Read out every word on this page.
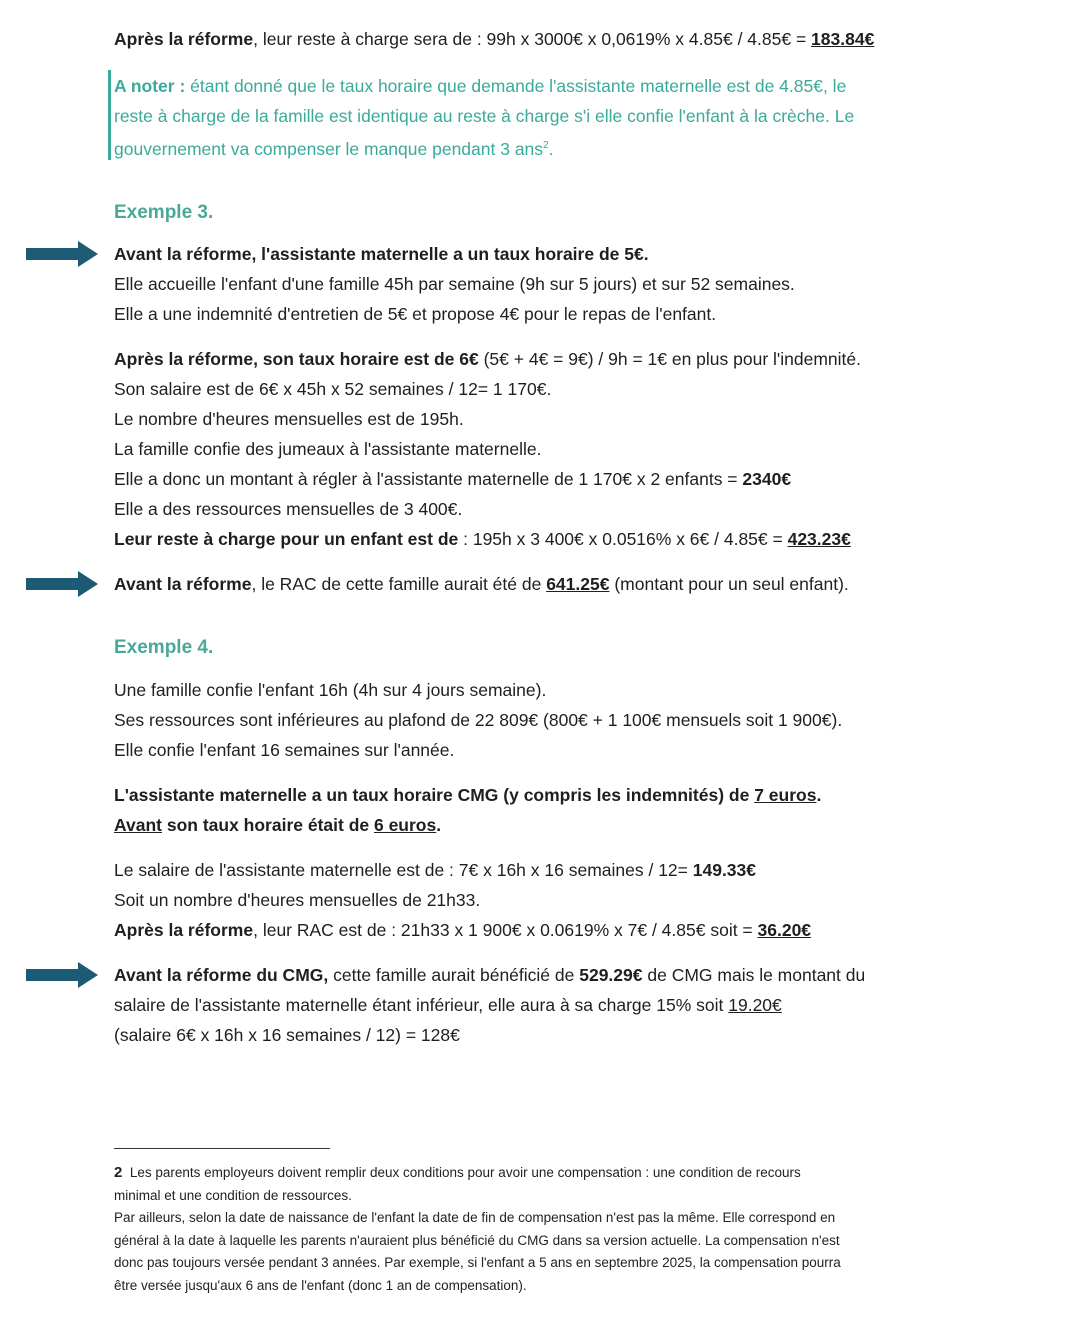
Après la réforme, leur reste à charge sera de : 99h x 3000€ x 0,0619% x 4.85€ / 4.85€ = 183.84€
A noter : étant donné que le taux horaire que demande l'assistante maternelle est de 4.85€, le
reste à charge de la famille est identique au reste à charge s'i elle confie l'enfant à la crèche. Le
gouvernement va compenser le manque pendant 3 ans$^2$.
Exemple 3.
Avant la réforme, l'assistante maternelle a un taux horaire de 5€.
Elle accueille l'enfant d'une famille 45h par semaine (9h sur 5 jours) et sur 52 semaines.
Elle a une indemnité d'entretien de 5€ et propose 4€ pour le repas de l'enfant.
Après la réforme, son taux horaire est de 6€ (5€ + 4€ = 9€) / 9h = 1€ en plus pour l'indemnité.
Son salaire est de 6€ x 45h x 52 semaines / 12= 1 170€.
Le nombre d'heures mensuelles est de 195h.
La famille confie des jumeaux à l'assistante maternelle.
Elle a donc un montant à régler à l'assistante maternelle de 1 170€ x 2 enfants = 2340€
Elle a des ressources mensuelles de 3 400€.
Leur reste à charge pour un enfant est de : 195h x 3 400€ x 0.0516% x 6€ / 4.85€ = 423.23€
Avant la réforme, le RAC de cette famille aurait été de 641.25€ (montant pour un seul enfant).
Exemple 4.
Une famille confie l'enfant 16h (4h sur 4 jours semaine).
Ses ressources sont inférieures au plafond de 22 809€ (800€ + 1 100€ mensuels soit 1 900€).
Elle confie l'enfant 16 semaines sur l'année.
L'assistante maternelle a un taux horaire CMG (y compris les indemnités) de 7 euros.
Avant son taux horaire était de 6 euros.
Le salaire de l'assistante maternelle est de : 7€ x 16h x 16 semaines / 12= 149.33€
Soit un nombre d'heures mensuelles de 21h33.
Après la réforme, leur RAC est de : 21h33 x 1 900€ x 0.0619% x 7€ / 4.85€ soit = 36.20€
Avant la réforme du CMG, cette famille aurait bénéficié de 529.29€ de CMG mais le montant du
salaire de l'assistante maternelle étant inférieur, elle aura à sa charge 15% soit 19.20€
(salaire 6€ x 16h x 16 semaines / 12) = 128€
2 Les parents employeurs doivent remplir deux conditions pour avoir une compensation : une condition de recours
minimal et une condition de ressources.
Par ailleurs, selon la date de naissance de l'enfant la date de fin de compensation n'est pas la même. Elle correspond en
général à la date à laquelle les parents n'auraient plus bénéficié du CMG dans sa version actuelle. La compensation n'est
donc pas toujours versée pendant 3 années. Par exemple, si l'enfant a 5 ans en septembre 2025, la compensation pourra
être versée jusqu'aux 6 ans de l'enfant (donc 1 an de compensation).
